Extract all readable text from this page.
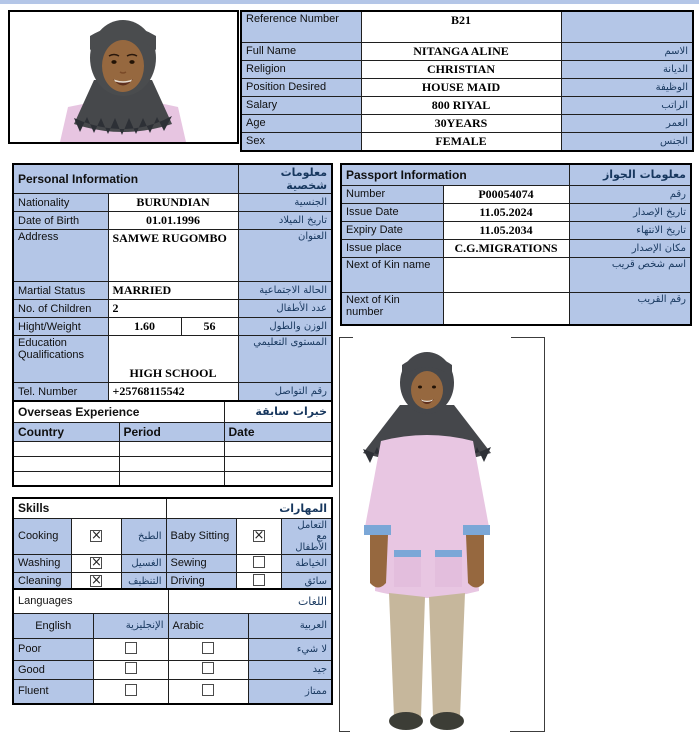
Reference Number	B21	
Full Name	NITANGA ALINE	الاسم
Religion	CHRISTIAN	الديانة
Position Desired	HOUSE MAID	الوظيفة
Salary	800 RIYAL	الراتب
Age	30YEARS	العمر
Sex	FEMALE	الجنس
Personal Information			معلومات شخصية
Nationality	BURUNDIAN		الجنسية
Date of Birth	01.01.1996		تاريخ الميلاد
Address	SAMWE RUGOMBO		العنوان
Martial Status	MARRIED		الحالة الاجتماعية
No. of Children	2		عدد الأطفال
Hight/Weight	1.60	56	الوزن والطول
Education Qualifications	HIGH SCHOOL		المستوى التعليمي
Tel. Number	+25768115542		رقم التواصل
Passport Information		معلومات الجواز
Number	P00054074	رقم
Issue Date	11.05.2024	تاريخ الإصدار
Expiry Date	11.05.2034	تاريخ الانتهاء
Issue place	C.G.MIGRATIONS	مكان الإصدار
Next of Kin name		اسم شخص قريب
Next of Kin number		رقم القريب
Overseas Experience		خبرات سابقة
Country	Period	Date

Skills			المهارات		
Cooking	×	الطبخ	Baby Sitting	×	التعامل مع الأطفال
Washing	×	الغسيل	Sewing		الخياطة
Cleaning	×	التنظيف	Driving		سائق
Languages		اللغات	
English	الإنجليزية	Arabic	العربية
Poor			لا شيء
Good			جيد
Fluent			ممتاز
